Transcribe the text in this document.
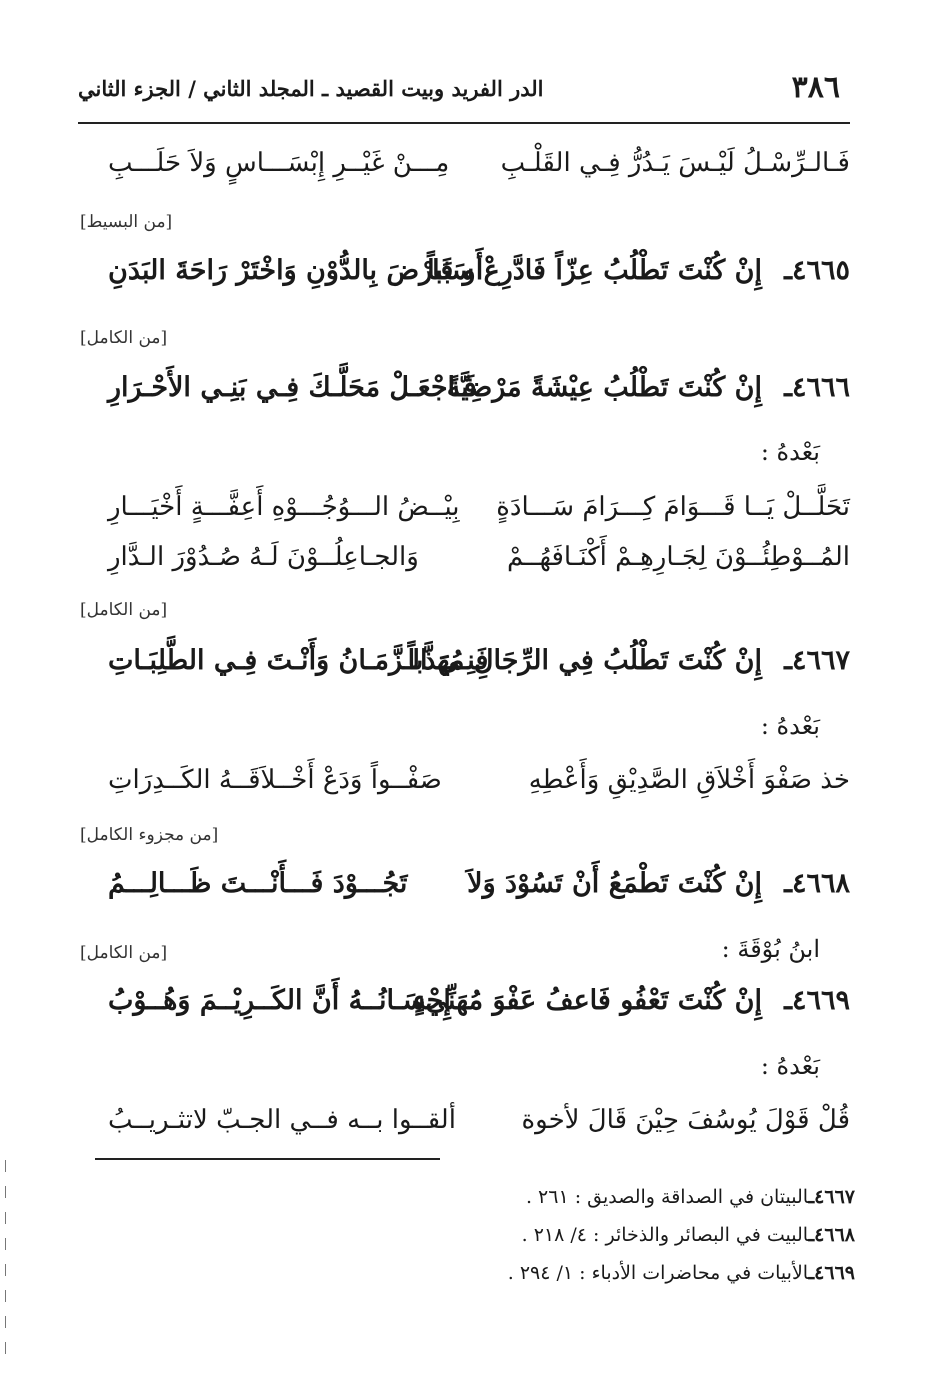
٣٨٦
الدر الفريد وبيت القصيد ـ المجلد الثاني / الجزء الثاني
فَـالـرِّسْـلُ لَيْـسَ يَـدُرُّ فِـي القَلْـبِ
مِـــنْ غَيْــرِ إِبْسَـــاسٍ وَلاَ حَلَـــبِ
[من البسيط]
٤٦٦٥ـ
إِنْ كُنْتَ تَطْلُبُ عِزّاً فَادَّرِعْ سَبَباً
أَو فَارْضَ بِالدُّوْنِ وَاخْتَرْ رَاحَةَ البَدَنِ
[من الكامل]
٤٦٦٦ـ
إِنْ كُنْتَ تَطْلُبُ عِيْشَةً مَرْضِيَّةً
فَـاجْعَـلْ مَحَلَّـكَ فِـي بَنِـي الأَحْـرَارِ
بَعْدهُ :
تَحَلَّــلْ يَــا قَـــوَامَ كِـــرَامَ سَـــادَةٍ
بِيْــضُ الـــوُجُـــوْهِ أَعِفَّـــةٍ أَخْيَـــارِ
المُــوْطِئُــوْنَ لِجَـارِهِـمْ أَكْنَـافَهُــمْ
وَالجـاعِلُــوْنَ لَـهُ صُـدُوْرَ الـدَّارِ
[من الكامل]
٤٦٦٧ـ
إِنْ كُنْتَ تَطْلُبُ فِي الرِّجَالِ مُهَذَّباً
فَنِـيَ الـزَّمَـانُ وَأَنْـتَ فِـي الطَّلِبَـاتِ
بَعْدهُ :
خذ صَفْوَ أَخْلاَقِ الصَّدِيْقِ وَأَعْطِهِ
صَفْــواً وَدَعْ أَخْــلاَقَــهُ الكَــدِرَاتِ
[من مجزوء الكامل]
٤٦٦٨ـ
إِنْ كُنْتَ تَطْمَعُ أَنْ تَسُوْدَ وَلاَ
تَجُـــوْدَ فَـــأَنْـــتَ ظَـــالِـــمُ
ابنُ بُوْقَةَ :
[من الكامل]
٤٦٦٩ـ
إِنْ كُنْتَ تَعْفُو فَاعفُ عَفْوَ مُهَنِّيءٍ
إِحْسَـانُــهُ أَنَّ الكَــرِيْــمَ وَهُــوْبُ
بَعْدهُ :
قُلْ قَوْلَ يُوسُفَ حِيْنَ قَالَ لأخوة
ألقــوا بــه فــي الجـبّ لاتثـريــبُ
٤٦٦٧ـالبيتان في الصداقة والصديق : ٢٦١ .
٤٦٦٨ـالبيت في البصائر والذخائر : ٤/ ٢١٨ .
٤٦٦٩ـالأبيات في محاضرات الأدباء : ١/ ٢٩٤ .
